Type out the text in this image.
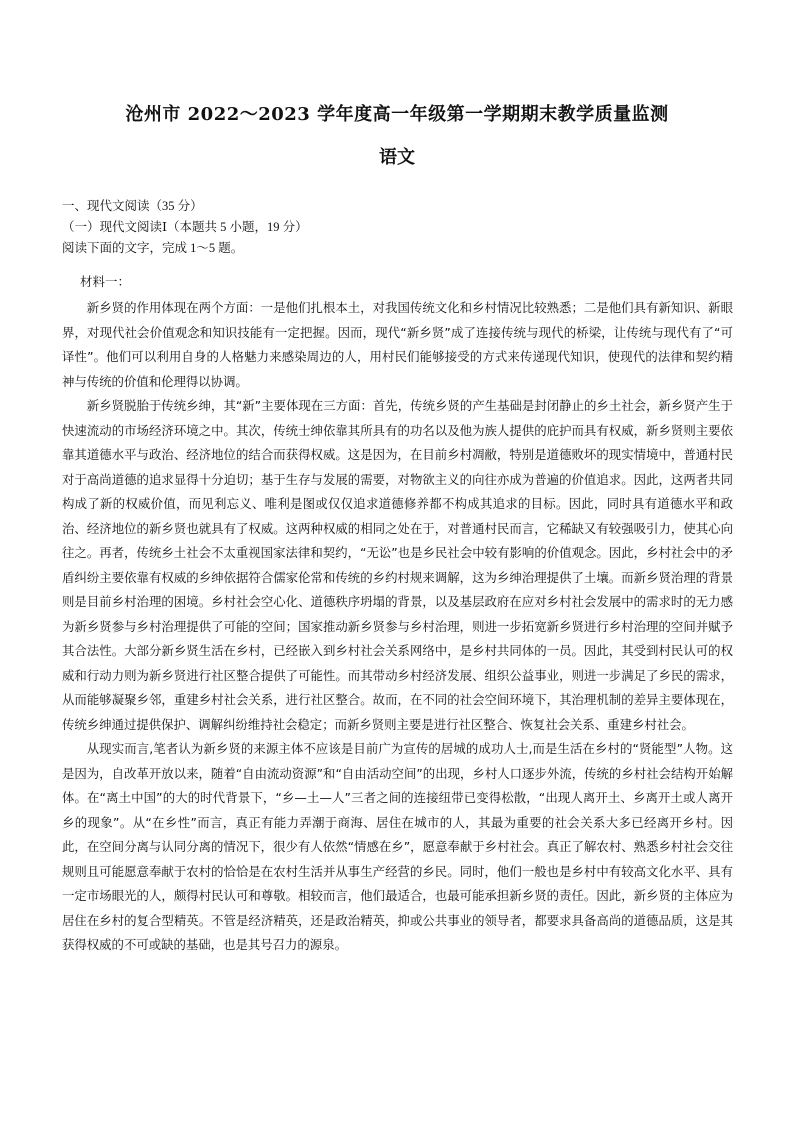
沧州市 2022～2023 学年度高一年级第一学期期末教学质量监测
语文
一、现代文阅读（35 分）
（一）现代文阅读Ⅰ（本题共 5 小题，19 分）
阅读下面的文字，完成 1～5 题。
材料一：

新乡贤的作用体现在两个方面：一是他们扎根本土，对我国传统文化和乡村情况比较熟悉；二是他们具有新知识、新眼界，对现代社会价值观念和知识技能有一定把握。因而，现代“新乡贤”成了连接传统与现代的桥梁，让传统与现代有了“可译性”。他们可以利用自身的人格魅力来感染周边的人，用村民们能够接受的方式来传递现代知识，使现代的法律和契约精神与传统的价值和伦理得以协调。

新乡贤脱胎于传统乡绅，其“新”主要体现在三方面：首先，传统乡贤的产生基础是封闭静止的乡土社会，新乡贤产生于快速流动的市场经济环境之中。其次，传统士绅依靠其所具有的功名以及他为族人提供的庇护而具有权威，新乡贤则主要依靠其道德水平与政治、经济地位的结合而获得权威。这是因为，在目前乡村凋敝，特别是道德败坏的现实情境中，普通村民对于高尚道德的追求显得十分迫切；基于生存与发展的需要，对物欲主义的向往亦成为普遍的价值追求。因此，这两者共同构成了新的权威价值，而见利忘义、唯利是图或仅仅追求道德修养都不构成其追求的目标。因此，同时具有道德水平和政治、经济地位的新乡贤也就具有了权威。这两种权威的相同之处在于，对普通村民而言，它稀缺又有较强吸引力，使其心向往之。再者，传统乡土社会不太重视国家法律和契约，“无讼”也是乡民社会中较有影响的价值观念。因此，乡村社会中的矛盾纠纷主要依靠有权威的乡绅依据符合儒家伦常和传统的乡约村规来调解，这为乡绅治理提供了土壤。而新乡贤治理的背景则是目前乡村治理的困境。乡村社会空心化、道德秩序坍塌的背景，以及基层政府在应对乡村社会发展中的需求时的无力感为新乡贤参与乡村治理提供了可能的空间；国家推动新乡贤参与乡村治理，则进一步拓宽新乡贤进行乡村治理的空间并赋予其合法性。大部分新乡贤生活在乡村，已经嵌入到乡村社会关系网络中，是乡村共同体的一员。因此，其受到村民认可的权威和行动力则为新乡贤进行社区整合提供了可能性。而其带动乡村经济发展、组织公益事业，则进一步满足了乡民的需求，从而能够凝聚乡邻，重建乡村社会关系，进行社区整合。故而，在不同的社会空间环境下，其治理机制的差异主要体现在，传统乡绅通过提供保护、调解纠纷维持社会稳定；而新乡贤则主要是进行社区整合、恢复社会关系、重建乡村社会。

从现实而言,笔者认为新乡贤的来源主体不应该是目前广为宣传的居城的成功人士,而是生活在乡村的“贤能型”人物。这是因为，自改革开放以来，随着“自由流动资源”和“自由活动空间”的出现，乡村人口逐步外流，传统的乡村社会结构开始解体。在“离土中国”的大的时代背景下，“乡—土—人”三者之间的连接纽带已变得松散，“出现人离开土、乡离开土或人离开乡的现象”。从“在乡性”而言，真正有能力弄潮于商海、居住在城市的人，其最为重要的社会关系大多已经离开乡村。因此，在空间分离与认同分离的情况下，很少有人依然“情感在乡”，愿意奉献于乡村社会。真正了解农村、熟悉乡村社会交往规则且可能愿意奉献于农村的恰恰是在农村生活并从事生产经营的乡民。同时，他们一般也是乡村中有较高文化水平、具有一定市场眼光的人，颇得村民认可和尊敬。相较而言，他们最适合，也最可能承担新乡贤的责任。因此，新乡贤的主体应为居住在乡村的复合型精英。不管是经济精英，还是政治精英，抑或公共事业的领导者，都要求具备高尚的道德品质，这是其获得权威的不可或缺的基础，也是其号召力的源泉。
